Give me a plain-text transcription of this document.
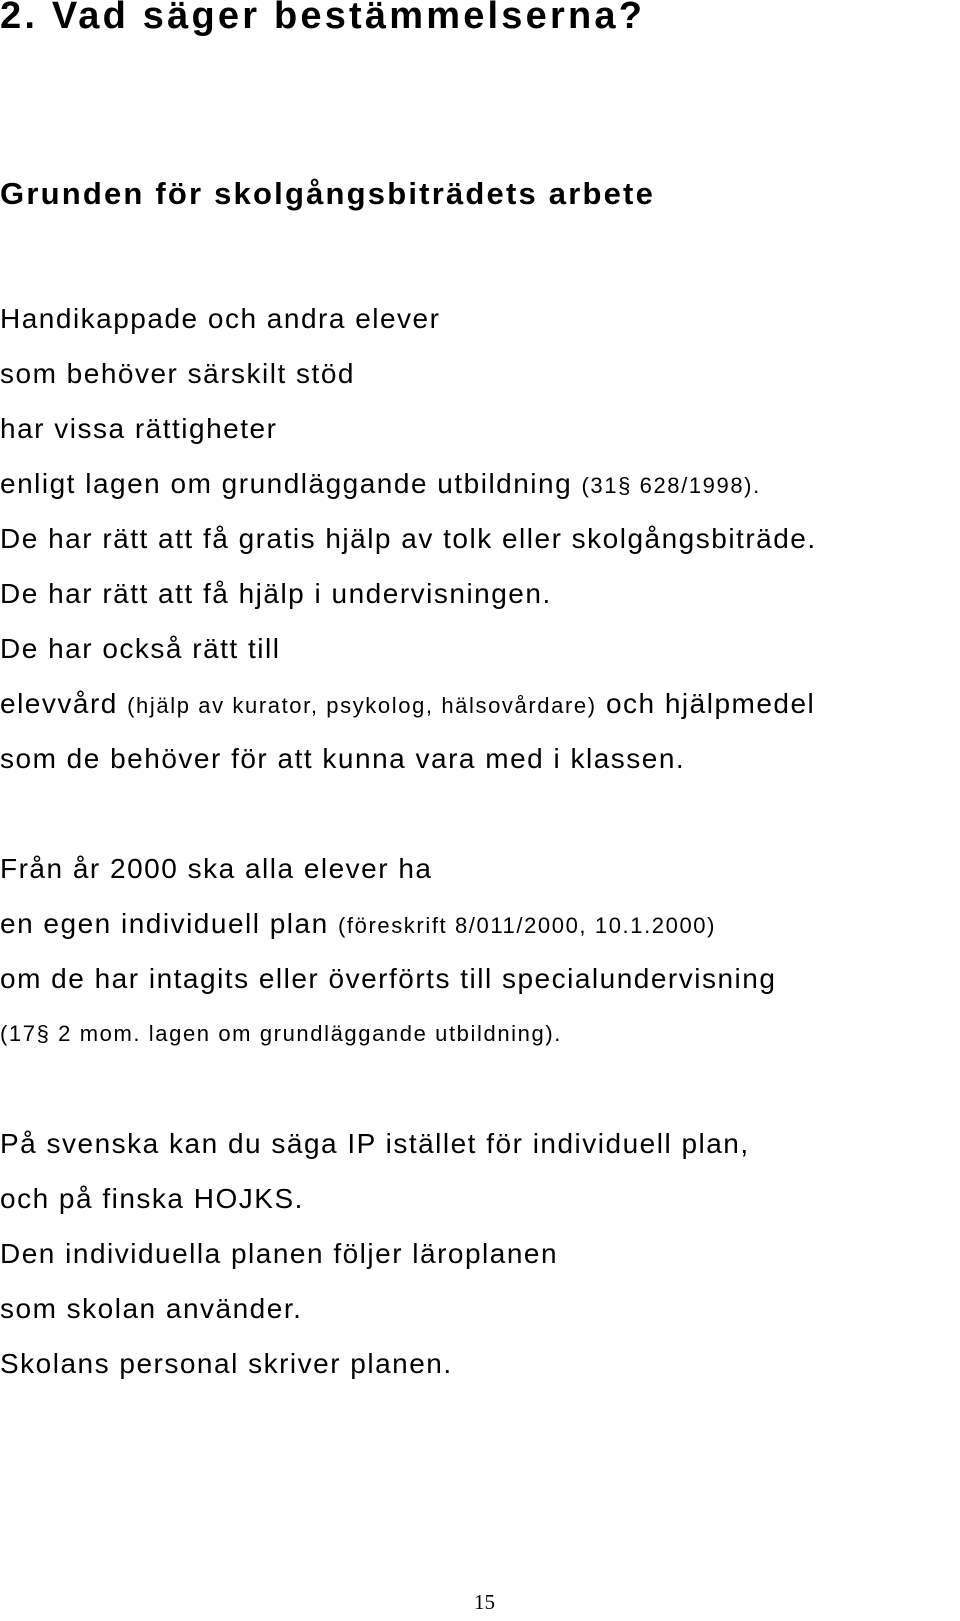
2. Vad säger bestämmelserna?
Grunden för skolgångsbiträdets arbete

Handikappade och andra elever

som behöver särskilt stöd

har vissa rättigheter

enligt lagen om grundläggande utbildning (31§ 628/1998).

De har rätt att få gratis hjälp av tolk eller skolgångsbiträde.

De har rätt att få hjälp i undervisningen.

De har också rätt till

elevvård (hjälp av kurator, psykolog, hälsovårdare) och hjälpmedel

som de behöver för att kunna vara med i klassen.

Från år 2000 ska alla elever ha

en egen individuell plan (föreskrift 8/011/2000, 10.1.2000)

om de har intagits eller överförts till specialundervisning

(17§ 2 mom. lagen om grundläggande utbildning).

På svenska kan du säga IP istället för individuell plan,

och på finska HOJKS.

Den individuella planen följer läroplanen

som skolan använder.

Skolans personal skriver planen.

15
